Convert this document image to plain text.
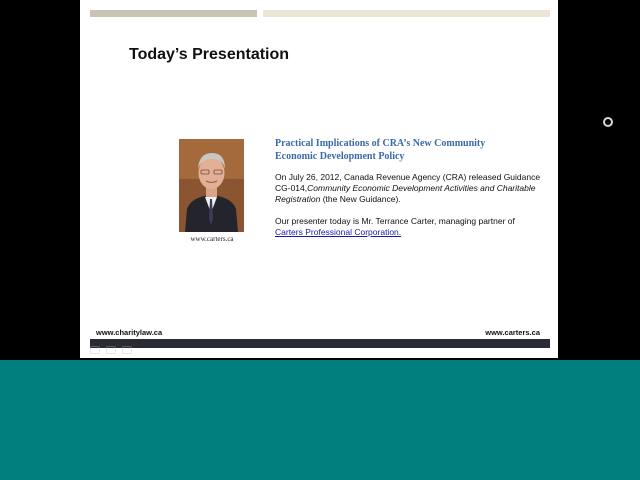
Today’s Presentation
www.carters.ca

Practical Implications of CRA’s New Community
Economic Development Policy

On July 26, 2012, Canada Revenue Agency (CRA) released Guidance CG-014,Community Economic Development Activities and Charitable Registration (the New Guidance).

Our presenter today is Mr. Terrance Carter, managing partner of Carters Professional Corporation.

www.charitylaw.ca	www.carters.ca
